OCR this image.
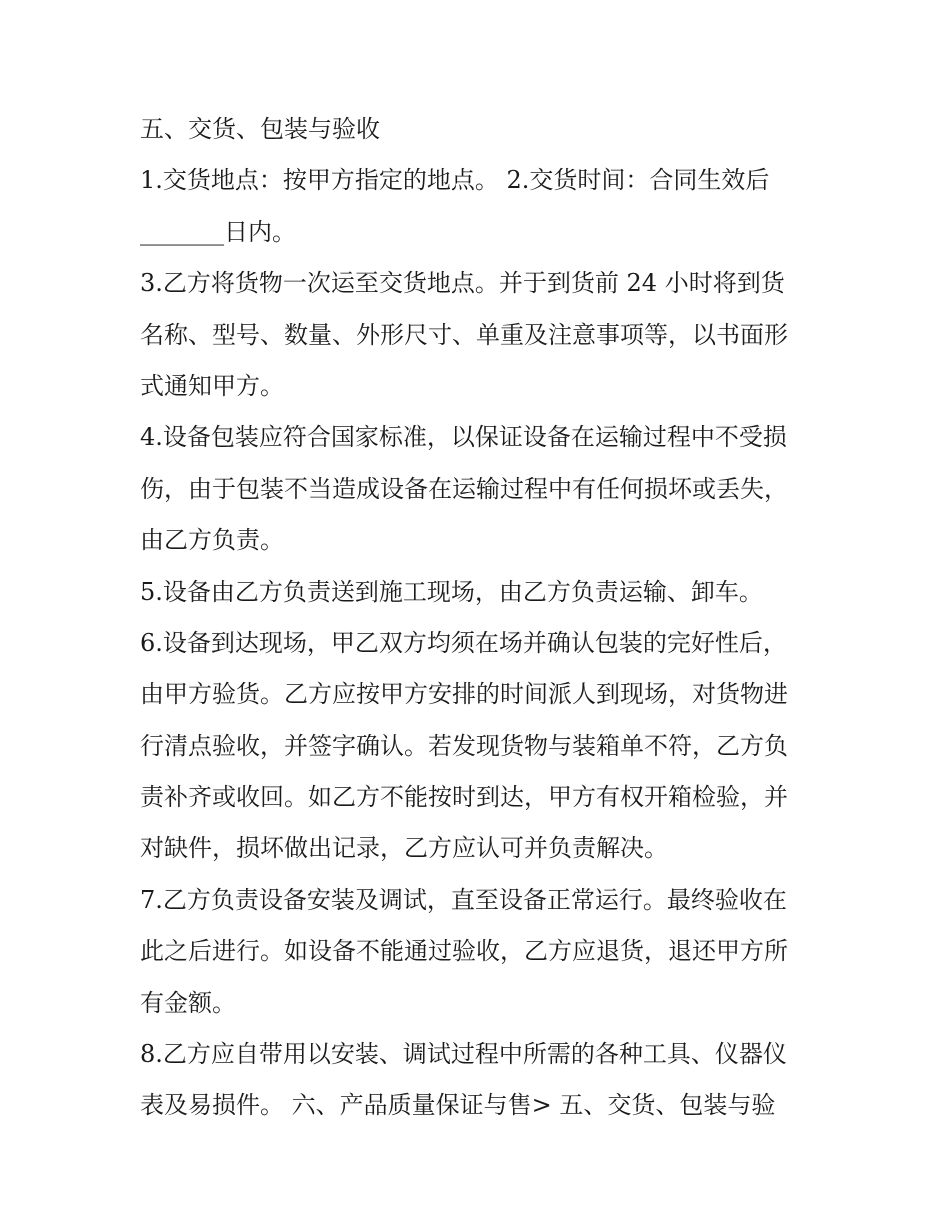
五、交货、包装与验收
1.交货地点：按甲方指定的地点。 2.交货时间：合同生效后
_______日内。
3.乙方将货物一次运至交货地点。并于到货前 24 小时将到货
名称、型号、数量、外形尺寸、单重及注意事项等，以书面形
式通知甲方。
4.设备包装应符合国家标准，以保证设备在运输过程中不受损
伤，由于包装不当造成设备在运输过程中有任何损坏或丢失，
由乙方负责。
5.设备由乙方负责送到施工现场，由乙方负责运输、卸车。
6.设备到达现场，甲乙双方均须在场并确认包装的完好性后，
由甲方验货。乙方应按甲方安排的时间派人到现场，对货物进
行清点验收，并签字确认。若发现货物与装箱单不符，乙方负
责补齐或收回。如乙方不能按时到达，甲方有权开箱检验，并
对缺件，损坏做出记录，乙方应认可并负责解决。
7.乙方负责设备安装及调试，直至设备正常运行。最终验收在
此之后进行。如设备不能通过验收，乙方应退货，退还甲方所
有金额。
8.乙方应自带用以安装、调试过程中所需的各种工具、仪器仪
表及易损件。 六、产品质量保证与售> 五、交货、包装与验
